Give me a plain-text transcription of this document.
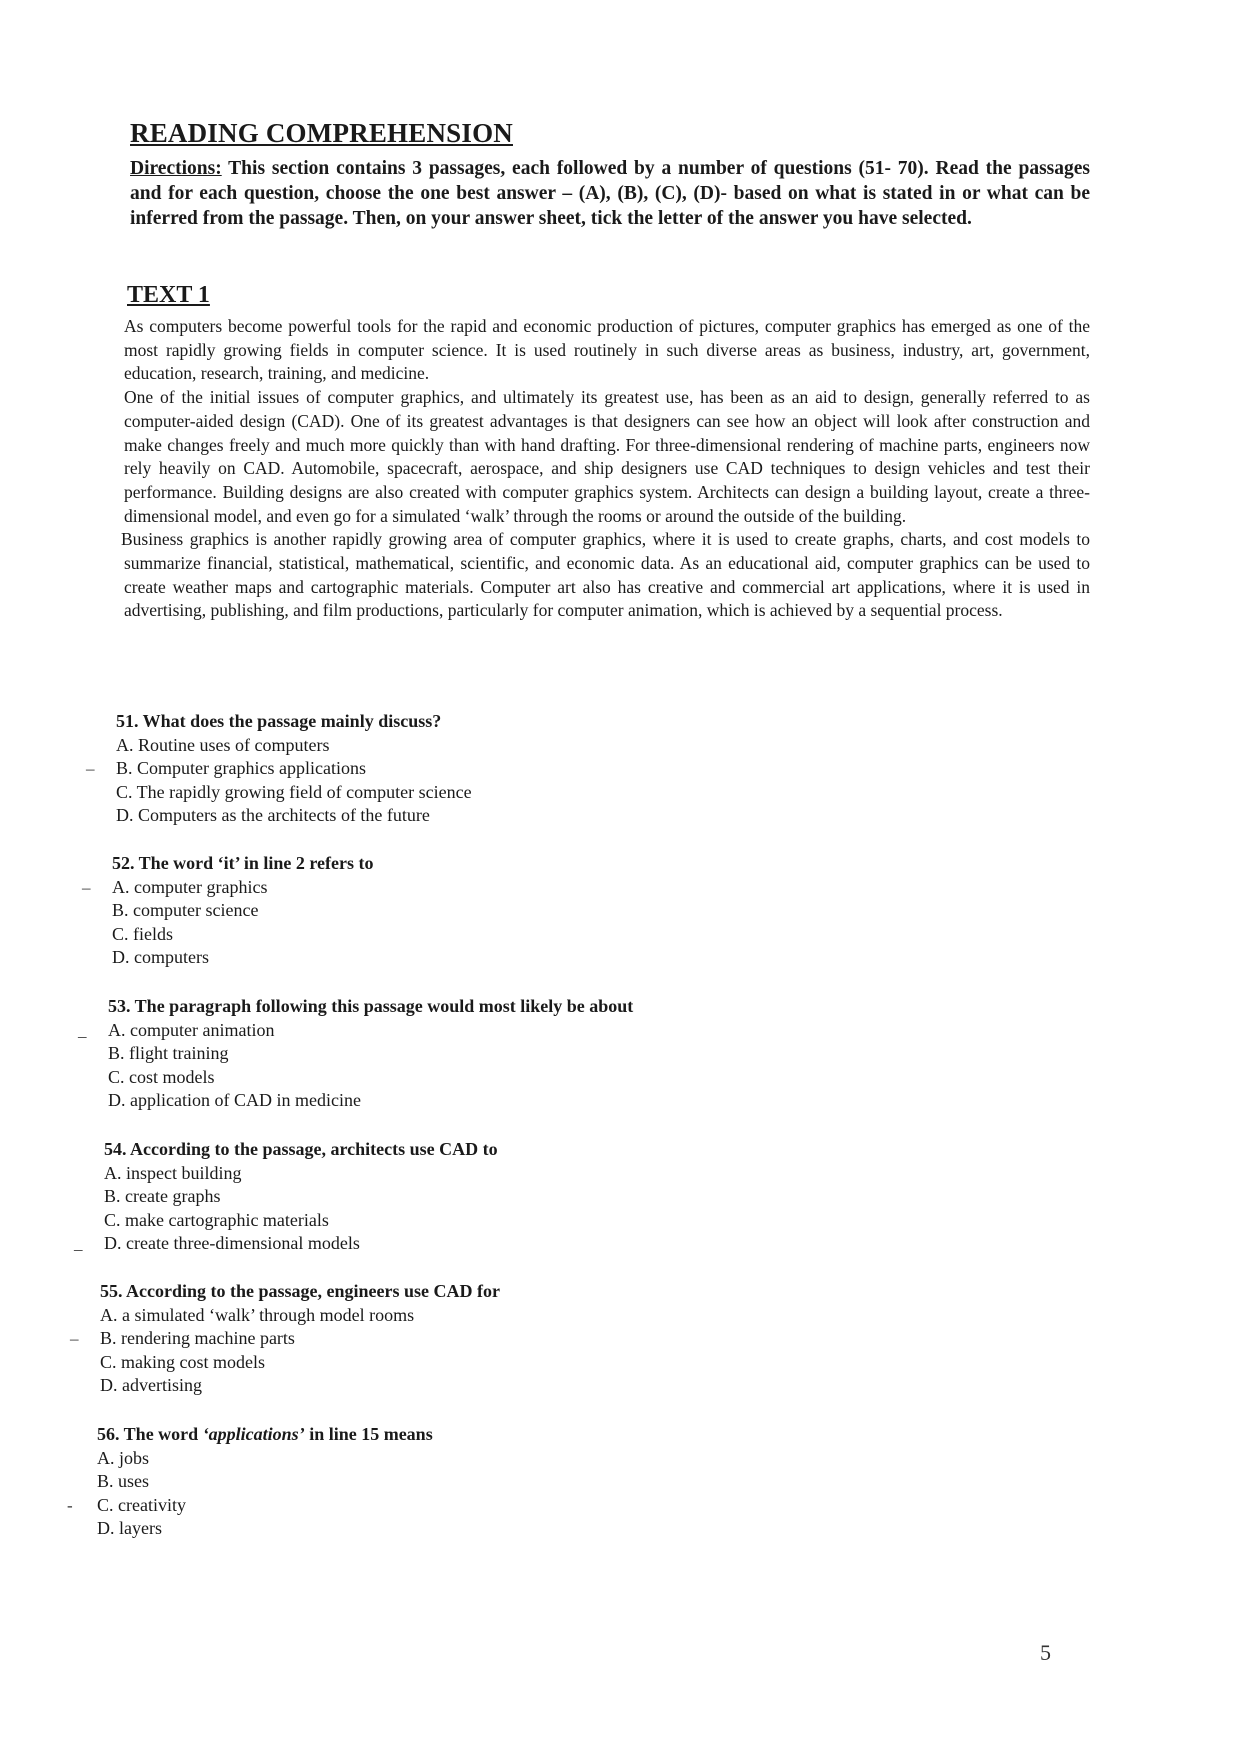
READING COMPREHENSION
Directions: This section contains 3 passages, each followed by a number of questions (51- 70). Read the passages and for each question, choose the one best answer – (A), (B), (C), (D)- based on what is stated in or what can be inferred from the passage. Then, on your answer sheet, tick the letter of the answer you have selected.
TEXT 1

As computers become powerful tools for the rapid and economic production of pictures, computer graphics has emerged as one of the most rapidly growing fields in computer science. It is used routinely in such diverse areas as business, industry, art, government, education, research, training, and medicine.

One of the initial issues of computer graphics, and ultimately its greatest use, has been as an aid to design, generally referred to as computer-aided design (CAD). One of its greatest advantages is that designers can see how an object will look after construction and make changes freely and much more quickly than with hand drafting. For three-dimensional rendering of machine parts, engineers now rely heavily on CAD. Automobile, spacecraft, aerospace, and ship designers use CAD techniques to design vehicles and test their performance. Building designs are also created with computer graphics system. Architects can design a building layout, create a three-dimensional model, and even go for a simulated ‘walk’ through the rooms or around the outside of the building.

Business graphics is another rapidly growing area of computer graphics, where it is used to create graphs, charts, and cost models to summarize financial, statistical, mathematical, scientific, and economic data. As an educational aid, computer graphics can be used to create weather maps and cartographic materials. Computer art also has creative and commercial art applications, where it is used in advertising, publishing, and film productions, particularly for computer animation, which is achieved by a sequential process.

51. What does the passage mainly discuss?
A. Routine uses of computers
– B. Computer graphics applications
C. The rapidly growing field of computer science
D. Computers as the architects of the future
52. The word ‘it’ in line 2 refers to
– A. computer graphics
B. computer science
C. fields
D. computers
53. The paragraph following this passage would most likely be about
_ A. computer animation
B. flight training
C. cost models
D. application of CAD in medicine
54. According to the passage, architects use CAD to
A. inspect building
B. create graphs
C. make cartographic materials
_ D. create three-dimensional models
55. According to the passage, engineers use CAD for
A. a simulated ‘walk’ through model rooms
– B. rendering machine parts
C. making cost models
D. advertising
56. The word ‘applications’ in line 15 means
A. jobs
B. uses
- C. creativity
D. layers
5
